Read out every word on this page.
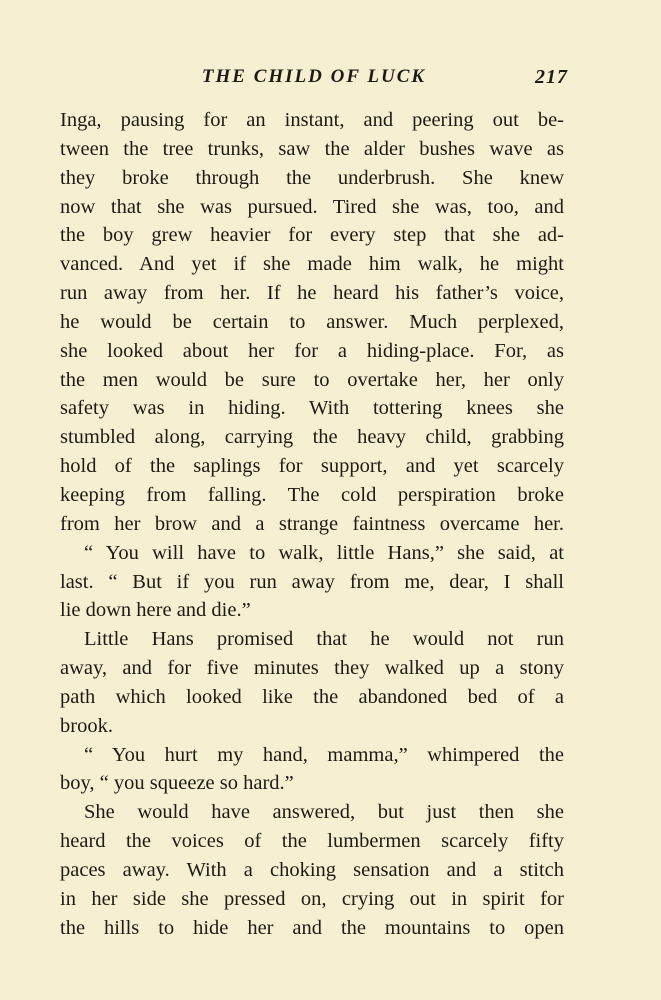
THE CHILD OF LUCK	217
Inga, pausing for an instant, and peering out be-
tween the tree trunks, saw the alder bushes wave as
they broke through the underbrush. She knew
now that she was pursued. Tired she was, too, and
the boy grew heavier for every step that she ad-
vanced. And yet if she made him walk, he might
run away from her. If he heard his father’s voice,
he would be certain to answer. Much perplexed,
she looked about her for a hiding-place. For, as
the men would be sure to overtake her, her only
safety was in hiding. With tottering knees she
stumbled along, carrying the heavy child, grabbing
hold of the saplings for support, and yet scarcely
keeping from falling. The cold perspiration broke
from her brow and a strange faintness overcame her.
“ You will have to walk, little Hans,” she said, at
last. “ But if you run away from me, dear, I shall
lie down here and die.”
Little Hans promised that he would not run
away, and for five minutes they walked up a stony
path which looked like the abandoned bed of a
brook.
“ You hurt my hand, mamma,” whimpered the
boy, “ you squeeze so hard.”
She would have answered, but just then she
heard the voices of the lumbermen scarcely fifty
paces away. With a choking sensation and a stitch
in her side she pressed on, crying out in spirit for
the hills to hide her and the mountains to open
